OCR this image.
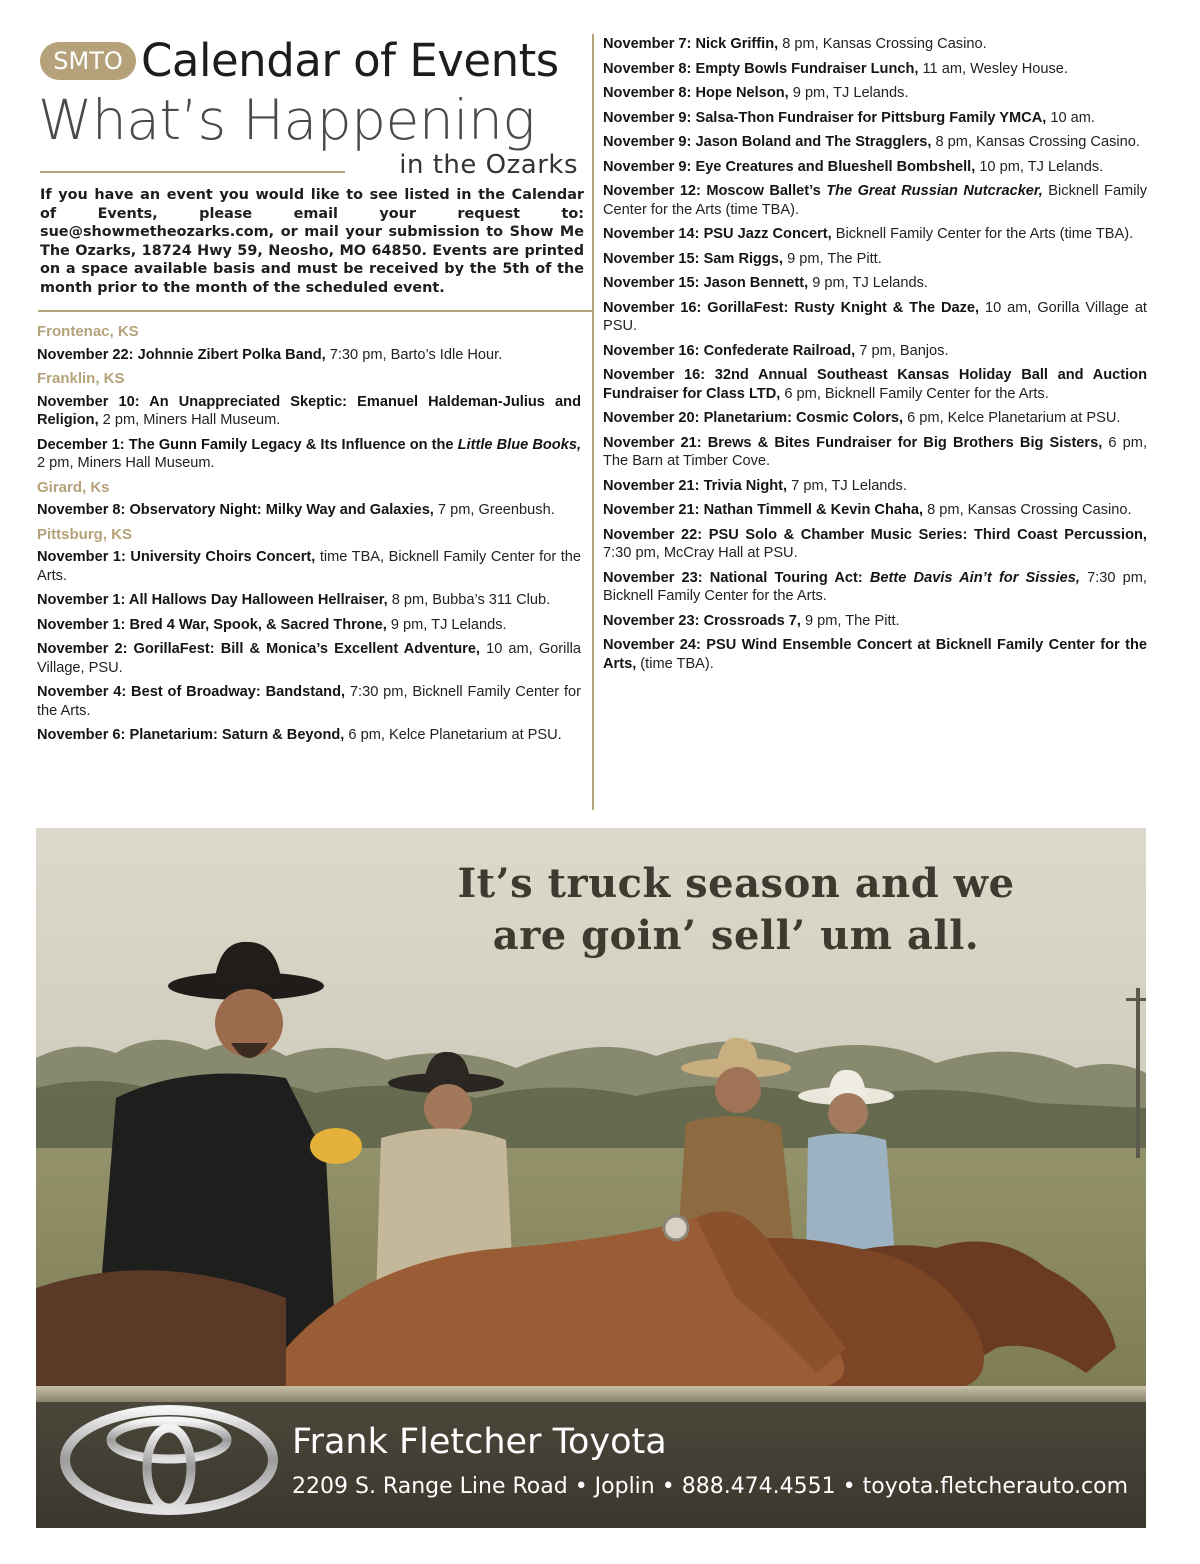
SMTO Calendar of Events
What’s Happening
in the Ozarks
If you have an event you would like to see listed in the Calendar of Events, please email your request to: sue@showmetheozarks.com, or mail your submission to Show Me The Ozarks, 18724 Hwy 59, Neosho, MO 64850. Events are printed on a space available basis and must be received by the 5th of the month prior to the month of the scheduled event.
Frontenac, KS
November 22: Johnnie Zibert Polka Band, 7:30 pm, Barto’s Idle Hour.
Franklin, KS
November 10: An Unappreciated Skeptic: Emanuel Haldeman-Julius and Religion, 2 pm, Miners Hall Museum.
December 1: The Gunn Family Legacy & Its Influence on the Little Blue Books, 2 pm, Miners Hall Museum.
Girard, Ks
November 8: Observatory Night: Milky Way and Galaxies, 7 pm, Greenbush.
Pittsburg, KS
November 1: University Choirs Concert, time TBA, Bicknell Family Center for the Arts.
November 1: All Hallows Day Halloween Hellraiser, 8 pm, Bubba’s 311 Club.
November 1: Bred 4 War, Spook, & Sacred Throne, 9 pm, TJ Lelands.
November 2: GorillaFest: Bill & Monica’s Excellent Adventure, 10 am, Gorilla Village, PSU.
November 4: Best of Broadway: Bandstand, 7:30 pm, Bicknell Family Center for the Arts.
November 6: Planetarium: Saturn & Beyond, 6 pm, Kelce Planetarium at PSU.
November 7: Nick Griffin, 8 pm, Kansas Crossing Casino.
November 8: Empty Bowls Fundraiser Lunch, 11 am, Wesley House.
November 8: Hope Nelson, 9 pm, TJ Lelands.
November 9: Salsa-Thon Fundraiser for Pittsburg Family YMCA, 10 am.
November 9: Jason Boland and The Stragglers, 8 pm, Kansas Crossing Casino.
November 9: Eye Creatures and Blueshell Bombshell, 10 pm, TJ Lelands.
November 12: Moscow Ballet’s The Great Russian Nutcracker, Bicknell Family Center for the Arts (time TBA).
November 14: PSU Jazz Concert, Bicknell Family Center for the Arts (time TBA).
November 15: Sam Riggs, 9 pm, The Pitt.
November 15: Jason Bennett, 9 pm, TJ Lelands.
November 16: GorillaFest: Rusty Knight & The Daze, 10 am, Gorilla Village at PSU.
November 16: Confederate Railroad, 7 pm, Banjos.
November 16: 32nd Annual Southeast Kansas Holiday Ball and Auction Fundraiser for Class LTD, 6 pm, Bicknell Family Center for the Arts.
November 20: Planetarium: Cosmic Colors, 6 pm, Kelce Planetarium at PSU.
November 21: Brews & Bites Fundraiser for Big Brothers Big Sisters, 6 pm, The Barn at Timber Cove.
November 21: Trivia Night, 7 pm, TJ Lelands.
November 21: Nathan Timmell & Kevin Chaha, 8 pm, Kansas Crossing Casino.
November 22: PSU Solo & Chamber Music Series: Third Coast Percussion, 7:30 pm, McCray Hall at PSU.
November 23: National Touring Act: Bette Davis Ain’t for Sissies, 7:30 pm, Bicknell Family Center for the Arts.
November 23: Crossroads 7, 9 pm, The Pitt.
November 24: PSU Wind Ensemble Concert at Bicknell Family Center for the Arts, (time TBA).
It’s truck season and we
are goin’ sell’ um all.
Frank Fletcher Toyota
2209 S. Range Line Road • Joplin • 888.474.4551 • toyota.fletcherauto.com
